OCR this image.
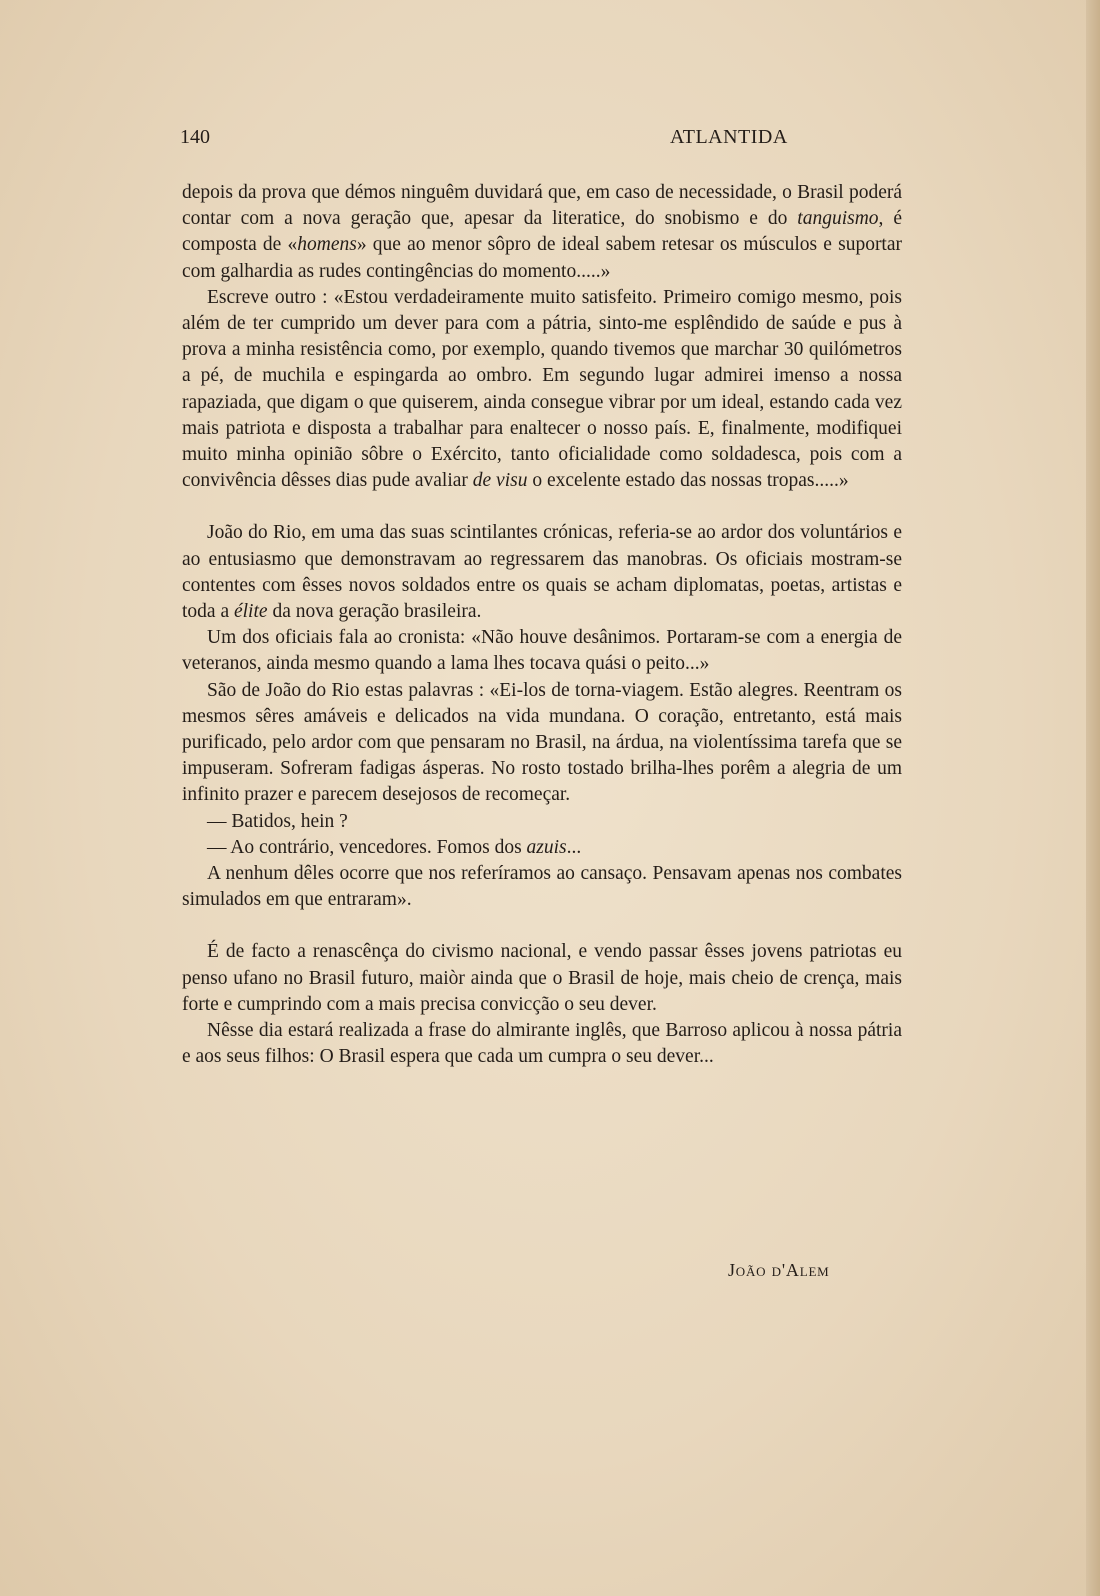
140	ATLANTIDA

depois da prova que démos ninguêm duvidará que, em caso de necessidade, o Brasil poderá contar com a nova geração que, apesar da literatice, do snobismo e do tanguismo, é composta de «homens» que ao menor sôpro de ideal sabem retesar os músculos e suportar com galhardia as rudes contingências do momento.....»

Escreve outro : «Estou verdadeiramente muito satisfeito. Primeiro comigo mesmo, pois além de ter cumprido um dever para com a pátria, sinto-me esplêndido de saúde e pus à prova a minha resistência como, por exemplo, quando tivemos que marchar 30 quilómetros a pé, de muchila e espingarda ao ombro. Em segundo lugar admirei imenso a nossa rapaziada, que digam o que quiserem, ainda consegue vibrar por um ideal, estando cada vez mais patriota e disposta a trabalhar para enaltecer o nosso país. E, finalmente, modifiquei muito minha opinião sôbre o Exército, tanto oficialidade como soldadesca, pois com a convivência dêsses dias pude avaliar de visu o excelente estado das nossas tropas.....»

João do Rio, em uma das suas scintilantes crónicas, referia-se ao ardor dos voluntários e ao entusiasmo que demonstravam ao regressarem das manobras. Os oficiais mostram-se contentes com êsses novos soldados entre os quais se acham diplomatas, poetas, artistas e toda a élite da nova geração brasileira.

Um dos oficiais fala ao cronista: «Não houve desânimos. Portaram-se com a energia de veteranos, ainda mesmo quando a lama lhes tocava quási o peito...»

São de João do Rio estas palavras : «Ei-los de torna-viagem. Estão alegres. Reentram os mesmos sêres amáveis e delicados na vida mundana. O coração, entretanto, está mais purificado, pelo ardor com que pensaram no Brasil, na árdua, na violentíssima tarefa que se impuseram. Sofreram fadigas ásperas. No rosto tostado brilha-lhes porêm a alegria de um infinito prazer e parecem desejosos de recomeçar.

— Batidos, hein ?

— Ao contrário, vencedores. Fomos dos azuis...

A nenhum dêles ocorre que nos referíramos ao cansaço. Pensavam apenas nos combates simulados em que entraram».

É de facto a renascênça do civismo nacional, e vendo passar êsses jovens patriotas eu penso ufano no Brasil futuro, maiòr ainda que o Brasil de hoje, mais cheio de crença, mais forte e cumprindo com a mais precisa convicção o seu dever.

Nêsse dia estará realizada a frase do almirante inglês, que Barroso aplicou à nossa pátria e aos seus filhos: O Brasil espera que cada um cumpra o seu dever...

João d'Alem
